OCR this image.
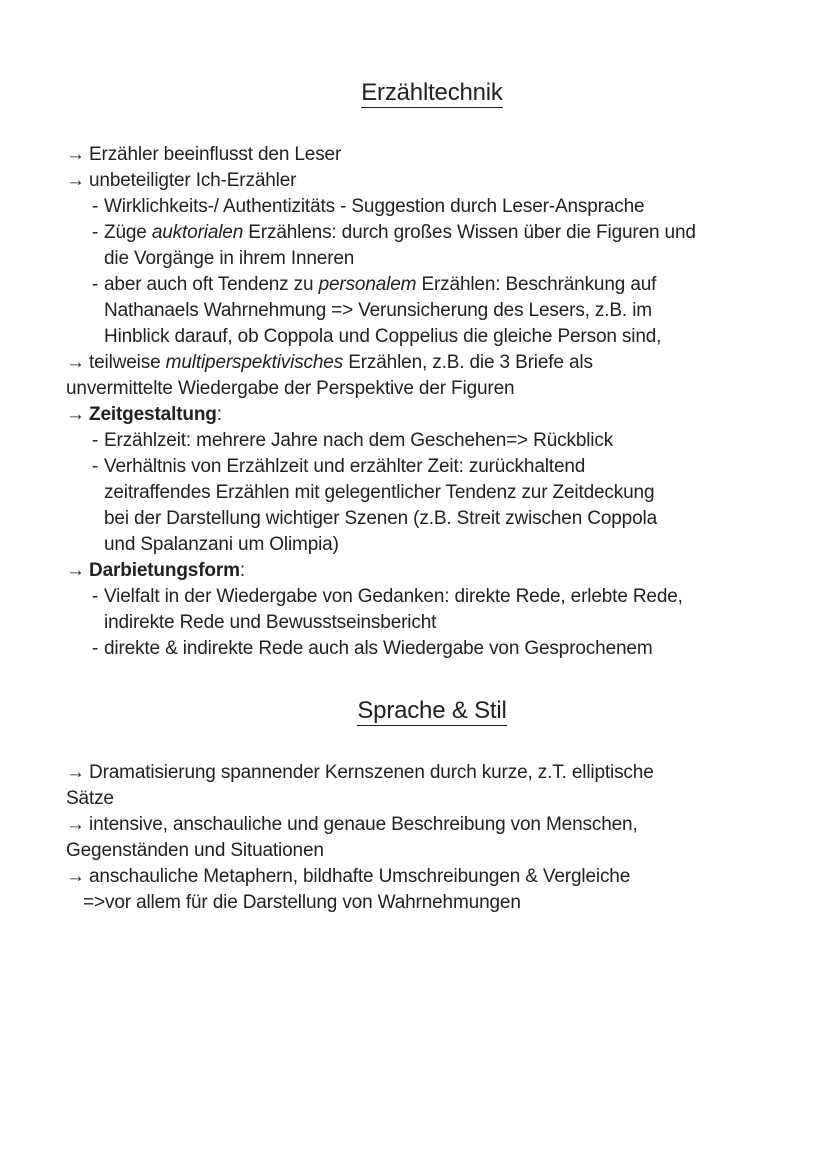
Erzähltechnik
→ Erzähler beeinflusst den Leser
→ unbeteiligter Ich-Erzähler
- Wirklichkeits-/ Authentizitäts - Suggestion durch Leser-Ansprache
- Züge auktorialen Erzählens: durch großes Wissen über die Figuren und
die Vorgänge in ihrem Inneren
- aber auch oft Tendenz zu personalem Erzählen: Beschränkung auf
Nathanaels Wahrnehmung => Verunsicherung des Lesers, z.B. im
Hinblick darauf, ob Coppola und Coppelius die gleiche Person sind,
→ teilweise multiperspektivisches Erzählen, z.B. die 3 Briefe als
unvermittelte Wiedergabe der Perspektive der Figuren
→ Zeitgestaltung:
- Erzählzeit: mehrere Jahre nach dem Geschehen=> Rückblick
- Verhältnis von Erzählzeit und erzählter Zeit: zurückhaltend
zeitraffendes Erzählen mit gelegentlicher Tendenz zur Zeitdeckung
bei der Darstellung wichtiger Szenen (z.B. Streit zwischen Coppola
und Spalanzani um Olimpia)
→ Darbietungsform:
- Vielfalt in der Wiedergabe von Gedanken: direkte Rede, erlebte Rede,
indirekte Rede und Bewusstseinsbericht
- direkte & indirekte Rede auch als Wiedergabe von Gesprochenem
Sprache & Stil
→ Dramatisierung spannender Kernszenen durch kurze, z.T. elliptische
Sätze
→ intensive, anschauliche und genaue Beschreibung von Menschen,
Gegenständen und Situationen
→ anschauliche Metaphern, bildhafte Umschreibungen & Vergleiche
=>vor allem für die Darstellung von Wahrnehmungen
